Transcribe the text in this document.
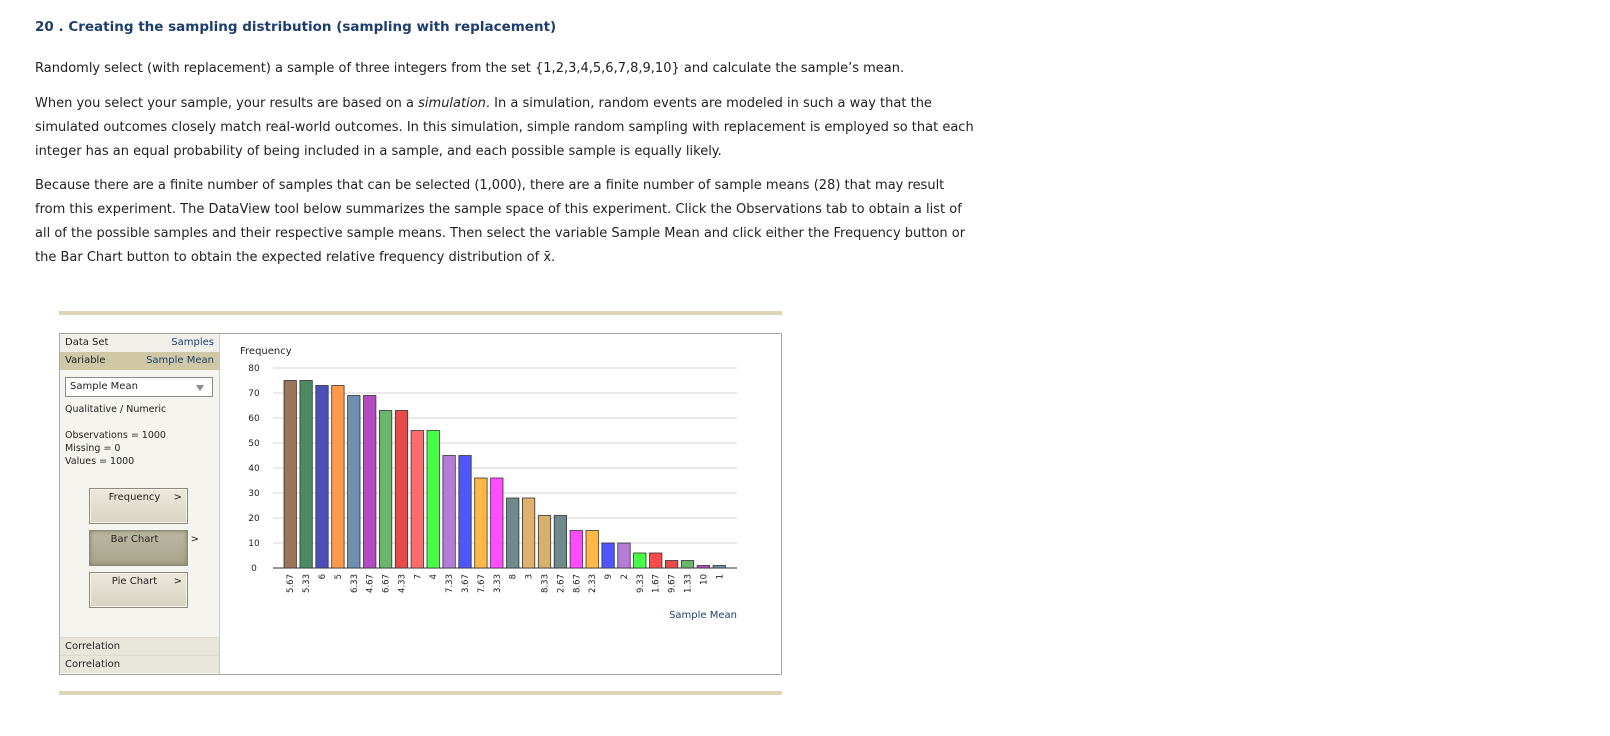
20 . Creating the sampling distribution (sampling with replacement)

Randomly select (with replacement) a sample of three integers from the set {1,2,3,4,5,6,7,8,9,10} and calculate the sample’s mean.

When you select your sample, your results are based on a simulation. In a simulation, random events are modeled in such a way that the simulated outcomes closely match real-world outcomes. In this simulation, simple random sampling with replacement is employed so that each integer has an equal probability of being included in a sample, and each possible sample is equally likely.

Because there are a finite number of samples that can be selected (1,000), there are a finite number of sample means (28) that may result from this experiment. The DataView tool below summarizes the sample space of this experiment. Click the Observations tab to obtain a list of all of the possible samples and their respective sample means. Then select the variable Sample Mean and click either the Frequency button or the Bar Chart button to obtain the expected relative frequency distribution of x̄.

Data Set	Samples
Variable	Sample Mean
Sample Mean
Qualitative / Numeric
Observations = 1000
Missing = 0
Values = 1000
Frequency >
Bar Chart	>
Pie Chart >
Correlation
Correlation
Frequency
Sample Mean
0
10
20
30
40
50
60
70
80
5.67 5.33 6 5 6.33 4.67 6.67 4.33 7 4 7.33 3.67 7.67 3.33 8 3 8.33 2.67 8.67 2.33 9 2 9.33 1.67 9.67 1.33 10 1
